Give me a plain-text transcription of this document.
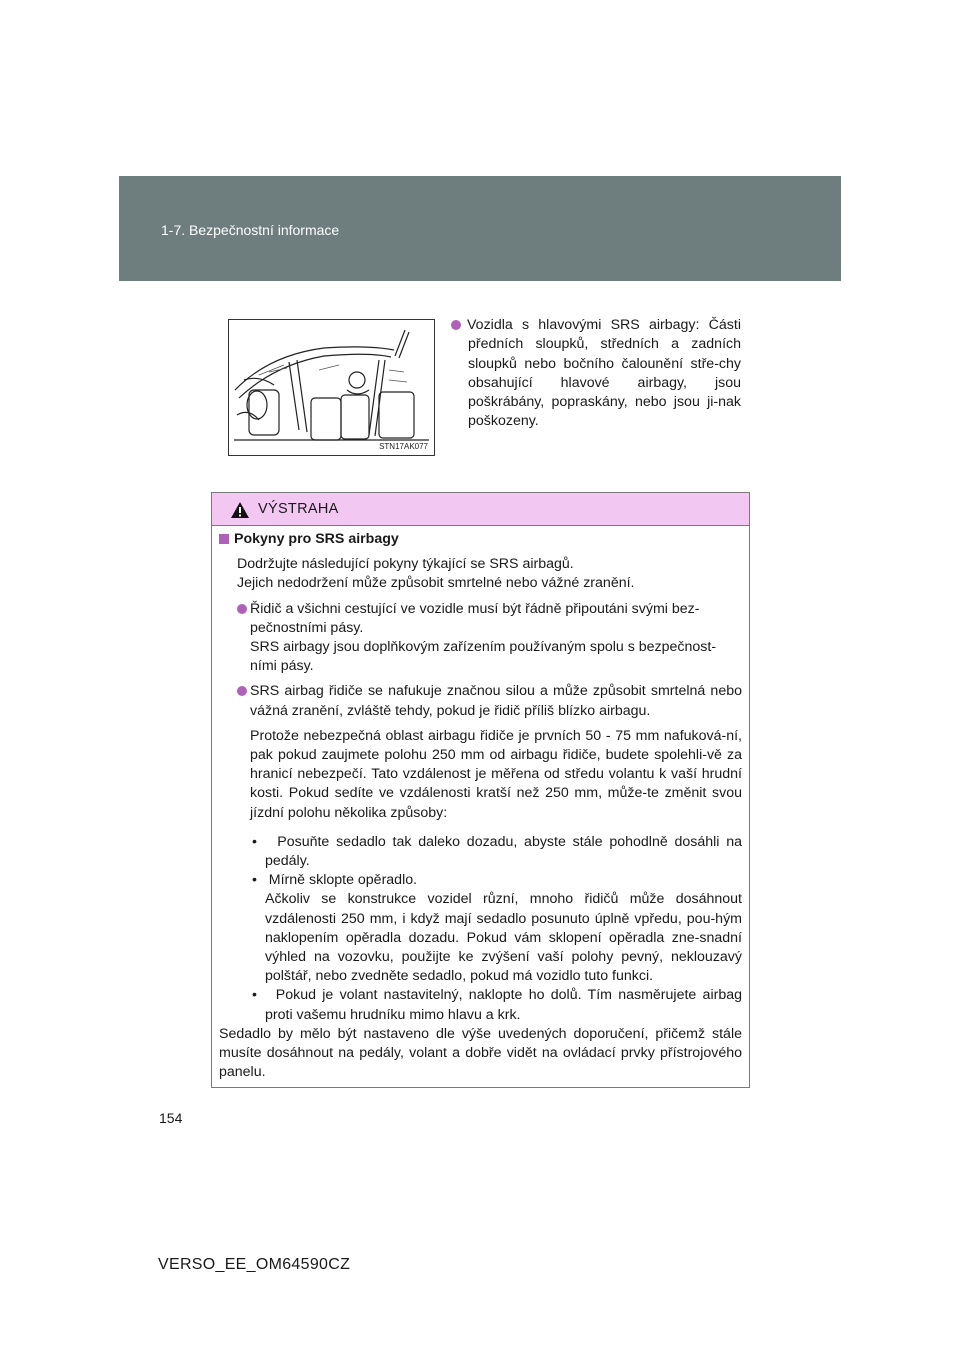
1-7. Bezpečnostní informace
STN17AK077
Vozidla s hlavovými SRS airbagy: Části předních sloupků, středních a zadních sloupků nebo bočního čalounění stře-chy obsahující hlavové airbagy, jsou poškrábány, popraskány, nebo jsou ji-nak poškozeny.
VÝSTRAHA

Pokyny pro SRS airbagy

Dodržujte následující pokyny týkající se SRS airbagů.

Jejich nedodržení může způsobit smrtelné nebo vážné zranění.

Řidič a všichni cestující ve vozidle musí být řádně připoutáni svými bez-

pečnostními pásy.

SRS airbagy jsou doplňkovým zařízením používaným spolu s bezpečnost-

ními pásy.

SRS airbag řidiče se nafukuje značnou silou a může způsobit smrtelná nebo vážná zranění, zvláště tehdy, pokud je řidič příliš blízko airbagu.

Protože nebezpečná oblast airbagu řidiče je prvních 50 - 75 mm nafuková-ní, pak pokud zaujmete polohu 250 mm od airbagu řidiče, budete spolehli-vě za hranicí nebezpečí. Tato vzdálenost je měřena od středu volantu k vaší hrudní kosti. Pokud sedíte ve vzdálenosti kratší než 250 mm, může-te změnit svou jízdní polohu několika způsoby:

•   Posuňte sedadlo tak daleko dozadu, abyste stále pohodlně dosáhli na pedály.

•   Mírně sklopte opěradlo.

Ačkoliv se konstrukce vozidel různí, mnoho řidičů může dosáhnout vzdálenosti 250 mm, i když mají sedadlo posunuto úplně vpředu, pou-hým naklopením opěradla dozadu. Pokud vám sklopení opěradla zne-snadní výhled na vozovku, použijte ke zvýšení vaší polohy pevný, neklouzavý polštář, nebo zvedněte sedadlo, pokud má vozidlo tuto funkci.

•   Pokud je volant nastavitelný, naklopte ho dolů. Tím nasměrujete airbag proti vašemu hrudníku mimo hlavu a krk.

Sedadlo by mělo být nastaveno dle výše uvedených doporučení, přičemž stále musíte dosáhnout na pedály, volant a dobře vidět na ovládací prvky přístrojového panelu.

154
VERSO_EE_OM64590CZ
